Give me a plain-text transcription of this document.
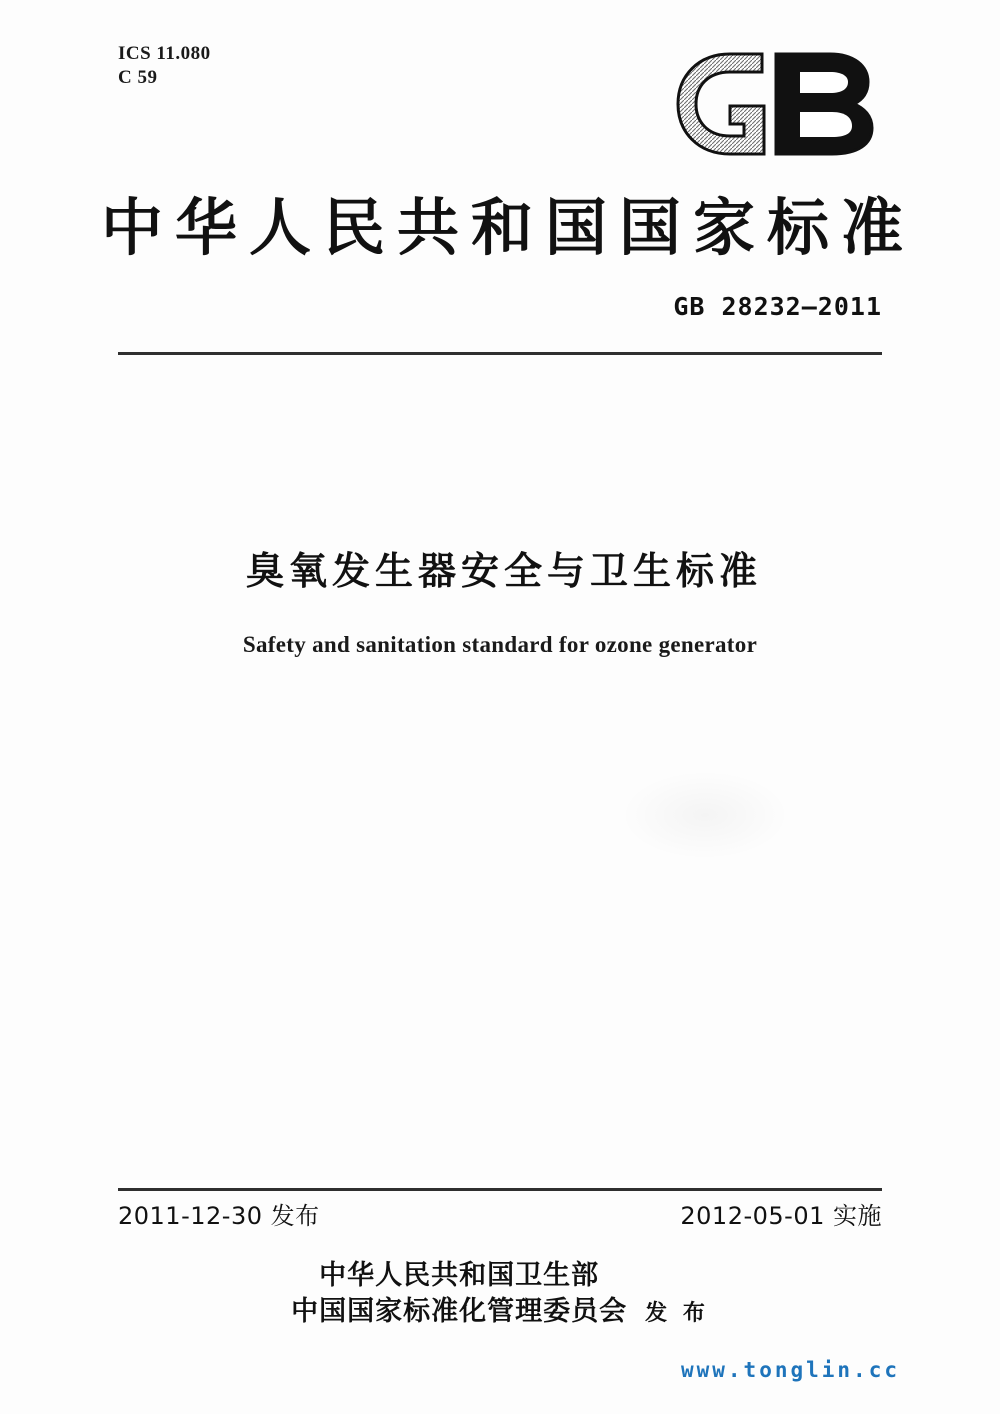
ICS 11.080
C 59
中华人民共和国国家标准
GB 28232—2011
臭氧发生器安全与卫生标准
Safety and sanitation standard for ozone generator
2011-12-30 发布	2012-05-01 实施
中华人民共和国卫生部
中国国家标准化管理委员会 发 布
www.tonglin.cc
